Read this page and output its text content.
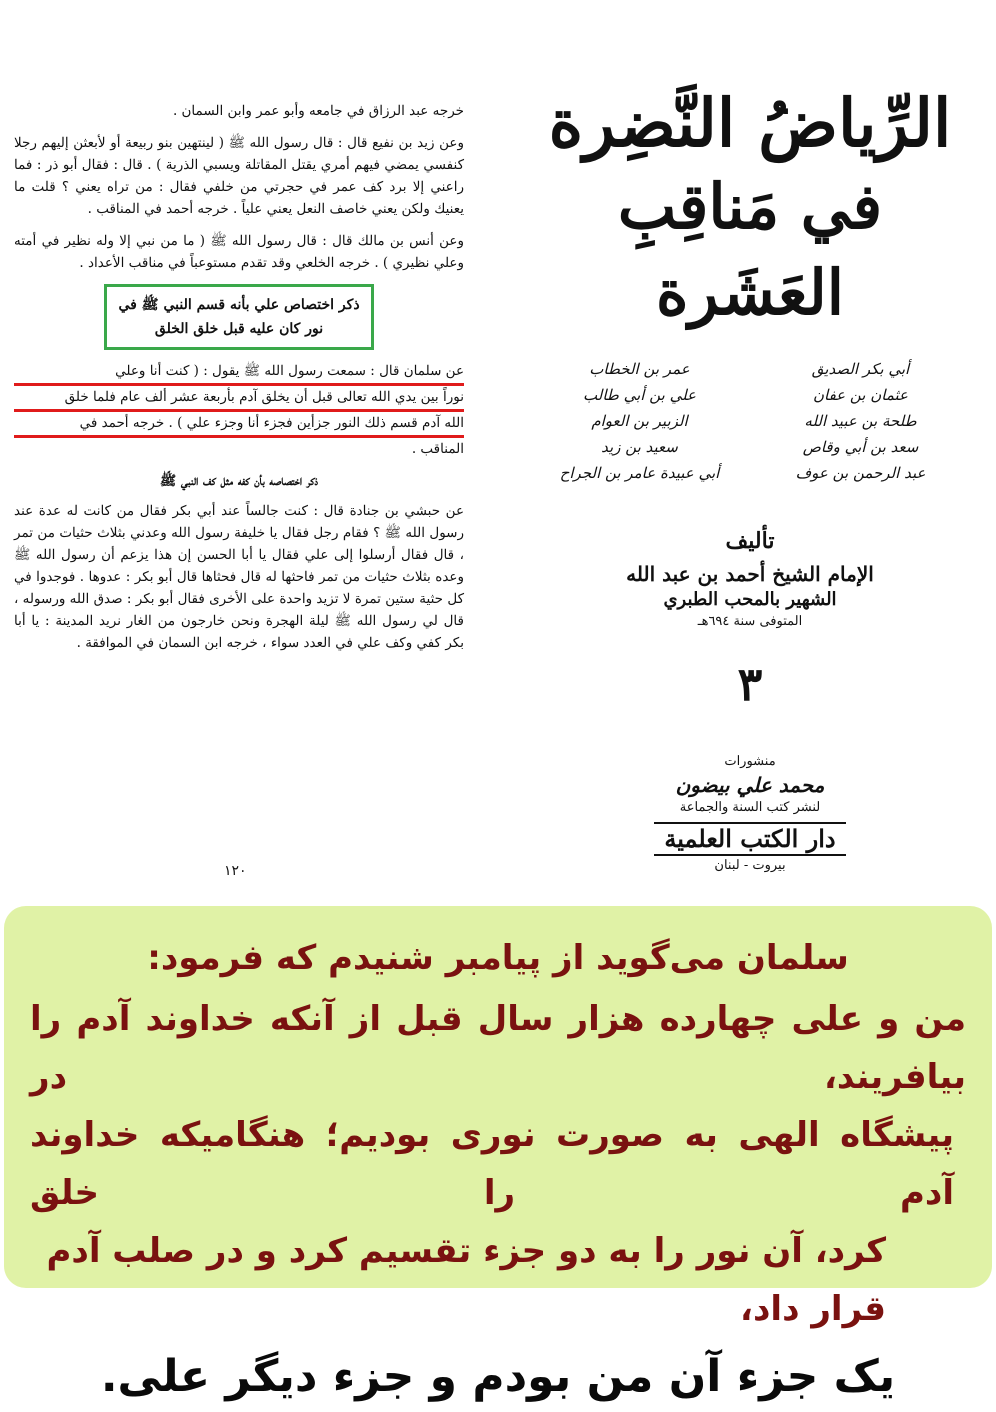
خرجه عبد الرزاق في جامعه وأبو عمر وابن السمان .

وعن زيد بن نفيع قال : قال رسول الله ﷺ ( لينتهين بنو ربيعة أو لأبعثن إليهم رجلا كنفسي يمضي فيهم أمري يقتل المقاتلة ويسبي الذرية ) . قال : فقال أبو ذر : فما راعني إلا برد كف عمر في حجرتي من خلفي فقال : من تراه يعني ؟ قلت ما يعنيك ولكن يعني خاصف النعل يعني علياً . خرجه أحمد في المناقب .

وعن أنس بن مالك قال : قال رسول الله ﷺ ( ما من نبي إلا وله نظير في أمته وعلي نظيري ) . خرجه الخلعي وقد تقدم مستوعباً في مناقب الأعداد .

ذكر اختصاص علي بأنه قسم النبي ﷺ في
نور كان عليه قبل خلق الخلق
عن سلمان قال : سمعت رسول الله ﷺ يقول : ( كنت أنا وعلي
نوراً بين يدي الله تعالى قبل أن يخلق آدم بأربعة عشر ألف عام فلما خلق
الله آدم قسم ذلك النور جزأين فجزء أنا وجزء علي ) . خرجه أحمد في
المناقب .
ذكر اختصاصه بأن كفه مثل كف النبي ﷺ

عن حبشي بن جنادة قال : كنت جالساً عند أبي بكر فقال من كانت له عدة عند رسول الله ﷺ ؟ فقام رجل فقال يا خليفة رسول الله وعدني بثلاث حثيات من تمر ، قال فقال أرسلوا إلى علي فقال يا أبا الحسن إن هذا يزعم أن رسول الله ﷺ وعده بثلاث حثيات من تمر فاحثها له قال فحثاها قال أبو بكر : عدوها . فوجدوا في كل حثية ستين تمرة لا تزيد واحدة على الأخرى فقال أبو بكر : صدق الله ورسوله ، قال لي رسول الله ﷺ ليلة الهجرة ونحن خارجون من الغار نريد المدينة : يا أبا بكر كفي وكف علي في العدد سواء ، خرجه ابن السمان في الموافقة .

١٢٠
الرِّياضُ النَّضِرة
في مَناقِبِ العَشَرة
أبي بكر الصديق
عمر بن الخطاب
عثمان بن عفان
علي بن أبي طالب
طلحة بن عبيد الله
الزبير بن العوام
سعد بن أبي وقاص
سعيد بن زيد
عبد الرحمن بن عوف
أبي عبيدة عامر بن الجراح
تأليف
الإمام الشيخ أحمد بن عبد الله
الشهير بالمحب الطبري
المتوفى سنة ٦٩٤هـ
٣
منشورات
محمد علي بيضون
لنشر كتب السنة والجماعة
دار الكتب العلمية
بيروت - لبنان
سلمان می‌گوید از پیامبر شنیدم که فرمود:
من و علی چهارده هزار سال قبل از آنکه خداوند آدم را بیافریند، در
پیشگاه الهی به صورت نوری بودیم؛ هنگامیکه خداوند آدم را خلق
کرد، آن نور را به دو جزء تقسیم کرد و در صلب آدم قرار داد،
یک جزء آن من بودم و جزء دیگر علی.
